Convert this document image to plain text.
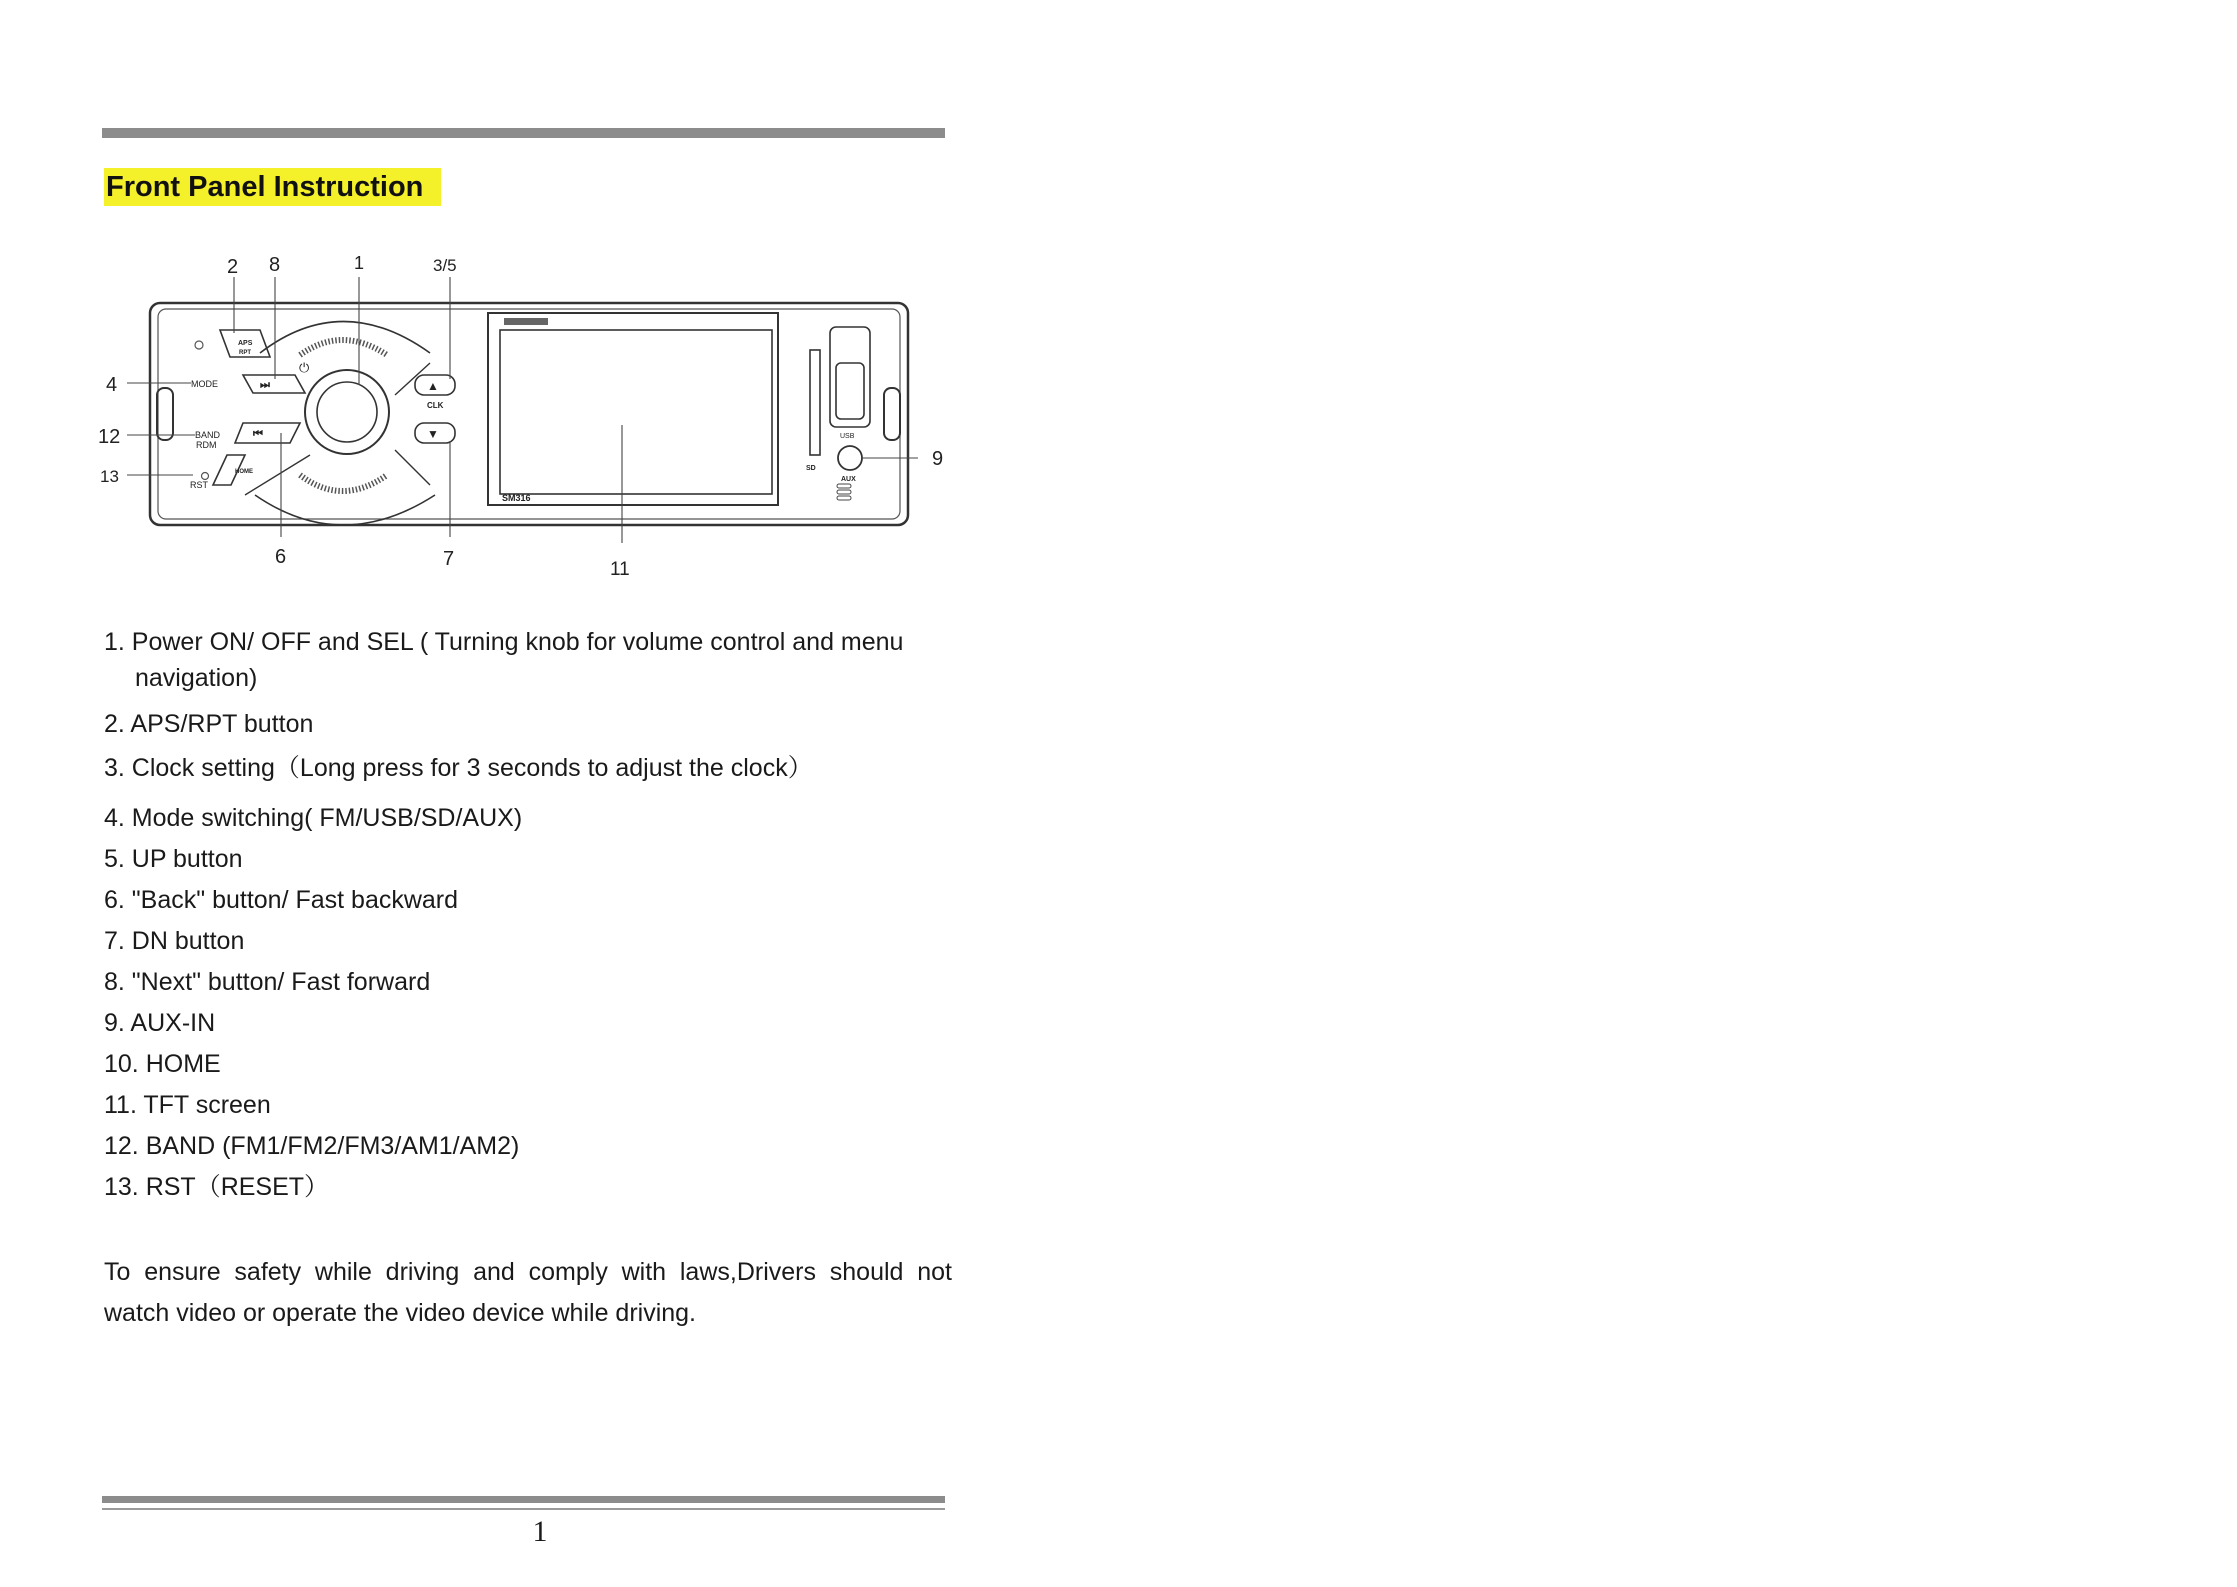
Front Panel Instruction
APS
RPT
⏭
⏻
MODE
⏮
BAND
RDM
HOME
RST
▲
CLK
▼
SM316
SD
USB
AUX
2 8	1	3/5
4
12
13
6	7	11
9
1. Power ON/ OFF and SEL ( Turning knob for volume control and menu
navigation)
2. APS/RPT button
3. Clock setting（Long press for 3 seconds to adjust the clock）
4. Mode switching( FM/USB/SD/AUX)
5. UP button
6. "Back" button/ Fast backward
7. DN button
8. "Next" button/ Fast forward
9. AUX-IN
10. HOME
11. TFT screen
12. BAND (FM1/FM2/FM3/AM1/AM2)
13. RST（RESET）

To ensure safety while driving and comply with laws,Drivers should not watch video or operate the video device while driving.

1
